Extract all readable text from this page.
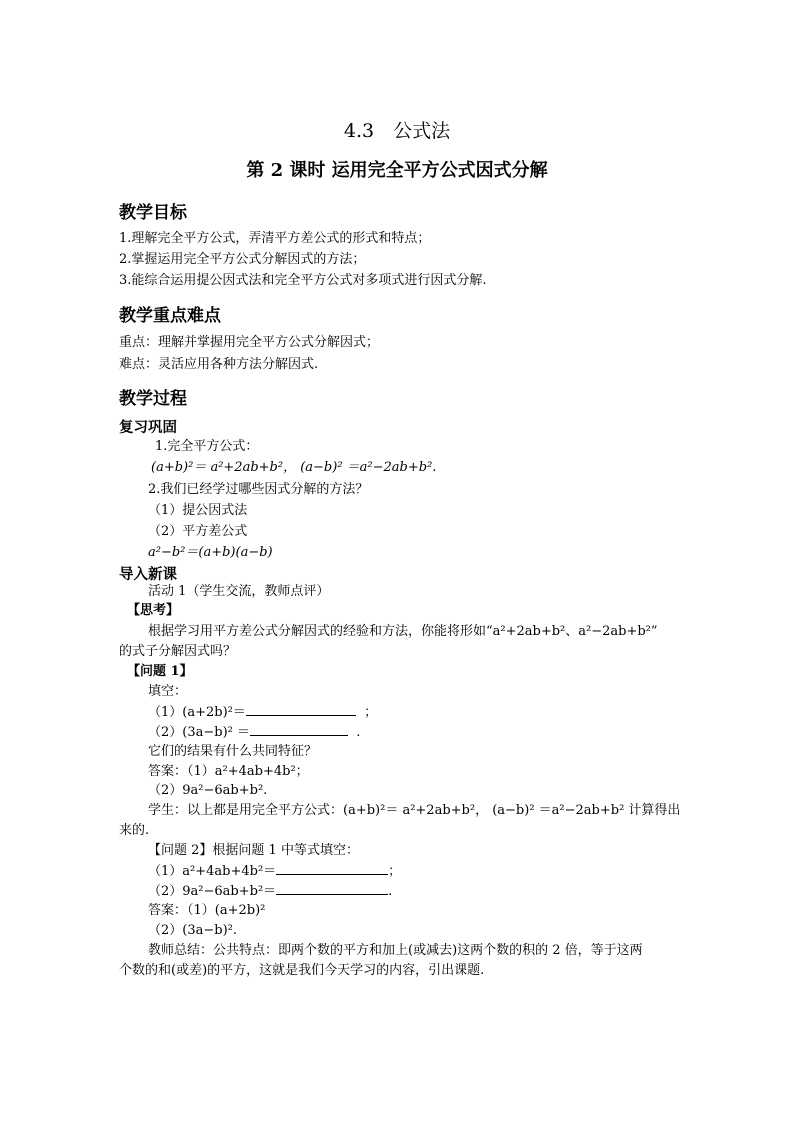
4.3　公式法
第 2 课时 运用完全平方公式因式分解
教学目标
1.理解完全平方公式，弄清平方差公式的形式和特点；
2.掌握运用完全平方公式分解因式的方法；
3.能综合运用提公因式法和完全平方公式对多项式进行因式分解.
教学重点难点
重点：理解并掌握用完全平方公式分解因式；
难点：灵活应用各种方法分解因式.
教学过程
复习巩固
1.完全平方公式：
(a+b)²＝ a²+2ab+b²， (a−b)² ＝a²−2ab+b².
2.我们已经学过哪些因式分解的方法？
（1）提公因式法
（2）平方差公式
a²−b²＝(a+b)(a−b)
导入新课
活动 1（学生交流，教师点评）
【思考】
根据学习用平方差公式分解因式的经验和方法，你能将形如“a²+2ab+b²、a²−2ab+b²”
的式子分解因式吗？
【问题 1】
填空：
（1）(a+2b)²＝	；
（2）(3a−b)² ＝	.
它们的结果有什么共同特征？
答案：（1）a²+4ab+4b²；
（2）9a²−6ab+b².
学生：以上都是用完全平方公式：(a+b)²＝ a²+2ab+b²， (a−b)² ＝a²−2ab+b² 计算得出
来的.
【问题 2】根据问题 1 中等式填空：
（1）a²+4ab+4b²＝	；
（2）9a²−6ab+b²＝	.
答案：（1）(a+2b)²
（2）(3a−b)².
教师总结：公共特点：即两个数的平方和加上(或减去)这两个数的积的 2 倍，等于这两
个数的和(或差)的平方，这就是我们今天学习的内容，引出课题.
